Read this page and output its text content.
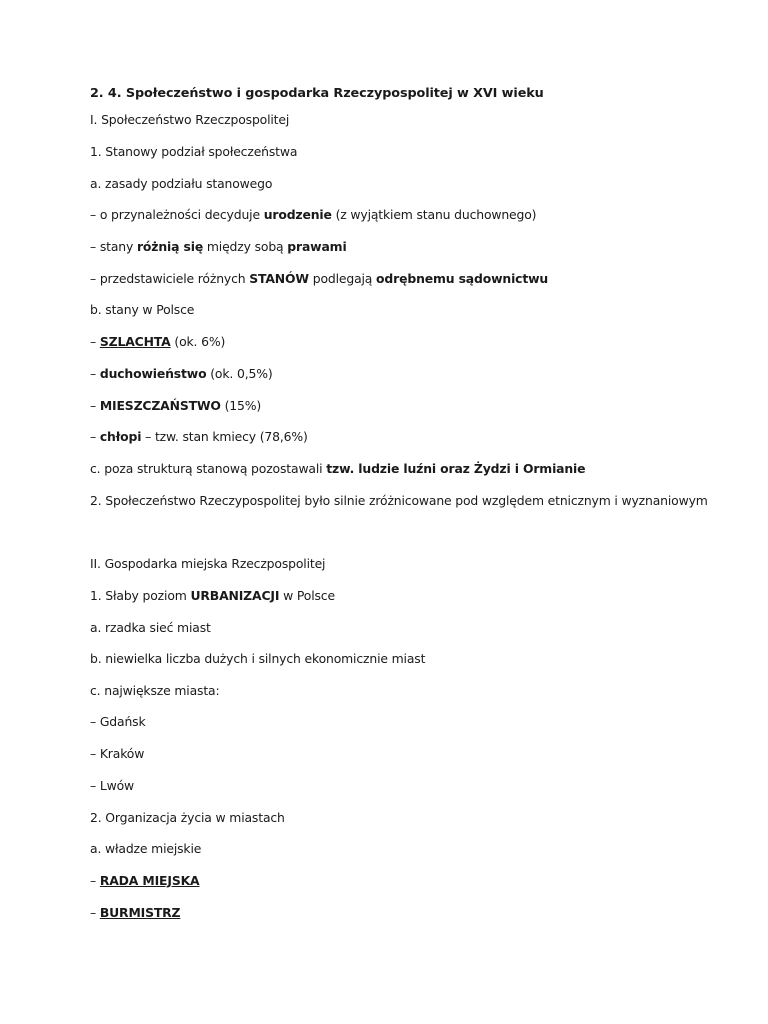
2. 4. Społeczeństwo i gospodarka Rzeczypospolitej w XVI wieku
I. Społeczeństwo Rzeczpospolitej
1. Stanowy podział społeczeństwa
a. zasady podziału stanowego
– o przynależności decyduje urodzenie (z wyjątkiem stanu duchownego)
– stany różnią się między sobą prawami
– przedstawiciele różnych STANÓW podlegają odrębnemu sądownictwu
b. stany w Polsce
– SZLACHTA (ok. 6%)
– duchowieństwo (ok. 0,5%)
– MIESZCZAŃSTWO (15%)
– chłopi – tzw. stan kmiecy (78,6%)
c. poza strukturą stanową pozostawali tzw. ludzie luźni oraz Żydzi i Ormianie
2. Społeczeństwo Rzeczypospolitej było silnie zróżnicowane pod względem etnicznym i wyznaniowym
II. Gospodarka miejska Rzeczpospolitej
1. Słaby poziom URBANIZACJI w Polsce
a. rzadka sieć miast
b. niewielka liczba dużych i silnych ekonomicznie miast
c. największe miasta:
– Gdańsk
– Kraków
– Lwów
2. Organizacja życia w miastach
a. władze miejskie
– RADA MIEJSKA
– BURMISTRZ
